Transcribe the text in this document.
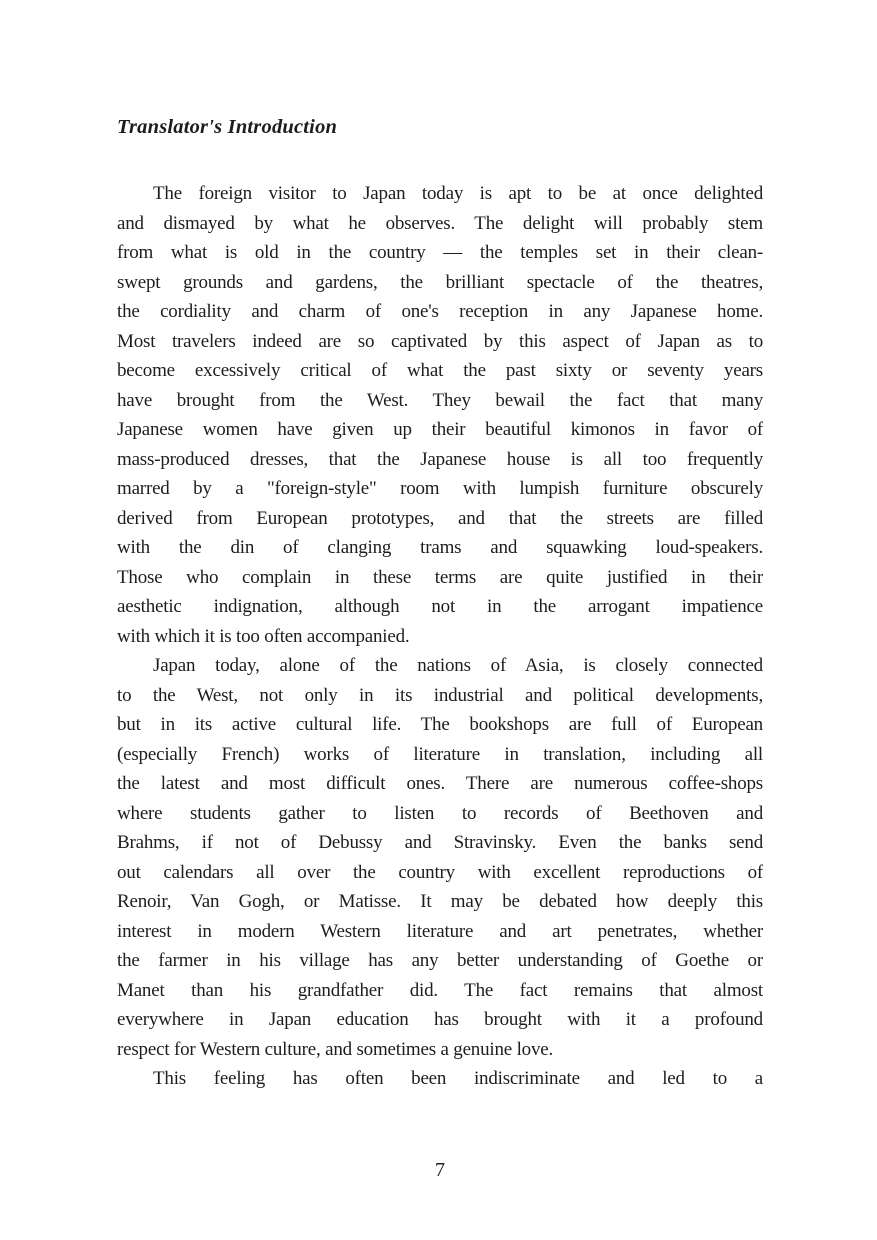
Translator's Introduction
The foreign visitor to Japan today is apt to be at once delighted
and dismayed by what he observes. The delight will probably stem
from what is old in the country — the temples set in their clean-
swept grounds and gardens, the brilliant spectacle of the theatres,
the cordiality and charm of one's reception in any Japanese home.
Most travelers indeed are so captivated by this aspect of Japan as to
become excessively critical of what the past sixty or seventy years
have brought from the West. They bewail the fact that many
Japanese women have given up their beautiful kimonos in favor of
mass-produced dresses, that the Japanese house is all too frequently
marred by a "foreign-style" room with lumpish furniture obscurely
derived from European prototypes, and that the streets are filled
with the din of clanging trams and squawking loud-speakers.
Those who complain in these terms are quite justified in their
aesthetic indignation, although not in the arrogant impatience
with which it is too often accompanied.
Japan today, alone of the nations of Asia, is closely connected
to the West, not only in its industrial and political developments,
but in its active cultural life. The bookshops are full of European
(especially French) works of literature in translation, including all
the latest and most difficult ones. There are numerous coffee-shops
where students gather to listen to records of Beethoven and
Brahms, if not of Debussy and Stravinsky. Even the banks send
out calendars all over the country with excellent reproductions of
Renoir, Van Gogh, or Matisse. It may be debated how deeply this
interest in modern Western literature and art penetrates, whether
the farmer in his village has any better understanding of Goethe or
Manet than his grandfather did. The fact remains that almost
everywhere in Japan education has brought with it a profound
respect for Western culture, and sometimes a genuine love.
This feeling has often been indiscriminate and led to a
7
